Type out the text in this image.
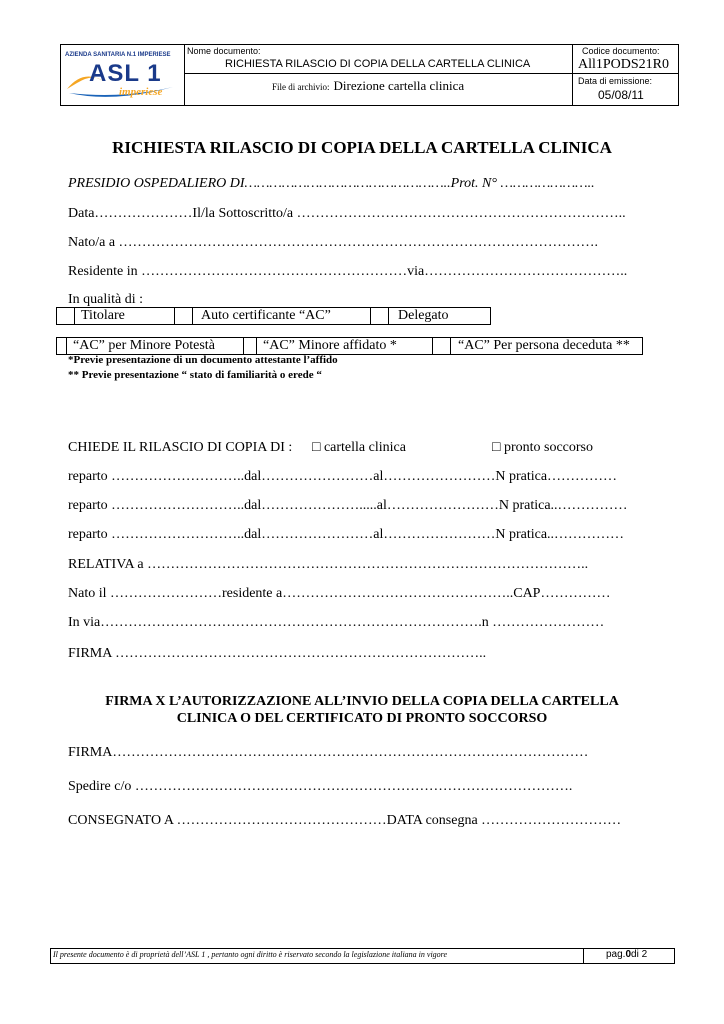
AZIENDA SANITARIA N.1 IMPERIESE
ASL 1
imperiese
Nome documento:
RICHIESTA RILASCIO DI COPIA DELLA CARTELLA CLINICA
File di archivio: Direzione cartella clinica
Codice documento:
All1PODS21R0
Data di emissione:
05/08/11
RICHIESTA RILASCIO DI COPIA DELLA CARTELLA CLINICA
PRESIDIO OSPEDALIERO DI…………………………………………..Prot. N° …………………..
Data…………………Il/la Sottoscritto/a ……………………………………………………………..
Nato/a a ………………………………………………………………………………………….
Residente in …………………………………………………via……………………………………..
In qualità di :
Titolare	Auto certificante “AC”	Delegato
“AC” per Minore Potestà	“AC” Minore affidato *	“AC” Per persona deceduta **
*Previe presentazione di un documento attestante l’affido
** Previe presentazione “ stato di familiarità o erede “
CHIEDE IL RILASCIO DI COPIA DI : □ cartella clinica	□ pronto soccorso
reparto ………………………..dal……………………al……………………N pratica……………
reparto ………………………..dal………………….....al……………………N pratica..……………
reparto ………………………..dal……………………al……………………N pratica..……………
RELATIVA a …………………………………………………………………………………..
Nato il ……………………residente a…………………………………………..CAP……………
In via……………………………………………………………………….n ……………………
FIRMA ……………………………………………………………………..
FIRMA X L’AUTORIZZAZIONE ALL’INVIO DELLA COPIA DELLA CARTELLA
CLINICA O DEL CERTIFICATO DI PRONTO SOCCORSO
FIRMA…………………………………………………………………………………………
Spedire c/o ………………………………………………………………………………….
CONSEGNATO A ………………………………………DATA consegna …………………………
Il presente documento è di proprietà dell’ASL 1 , pertanto ogni diritto è riservato secondo la legislazione italiana in vigore	pag.0di 2
